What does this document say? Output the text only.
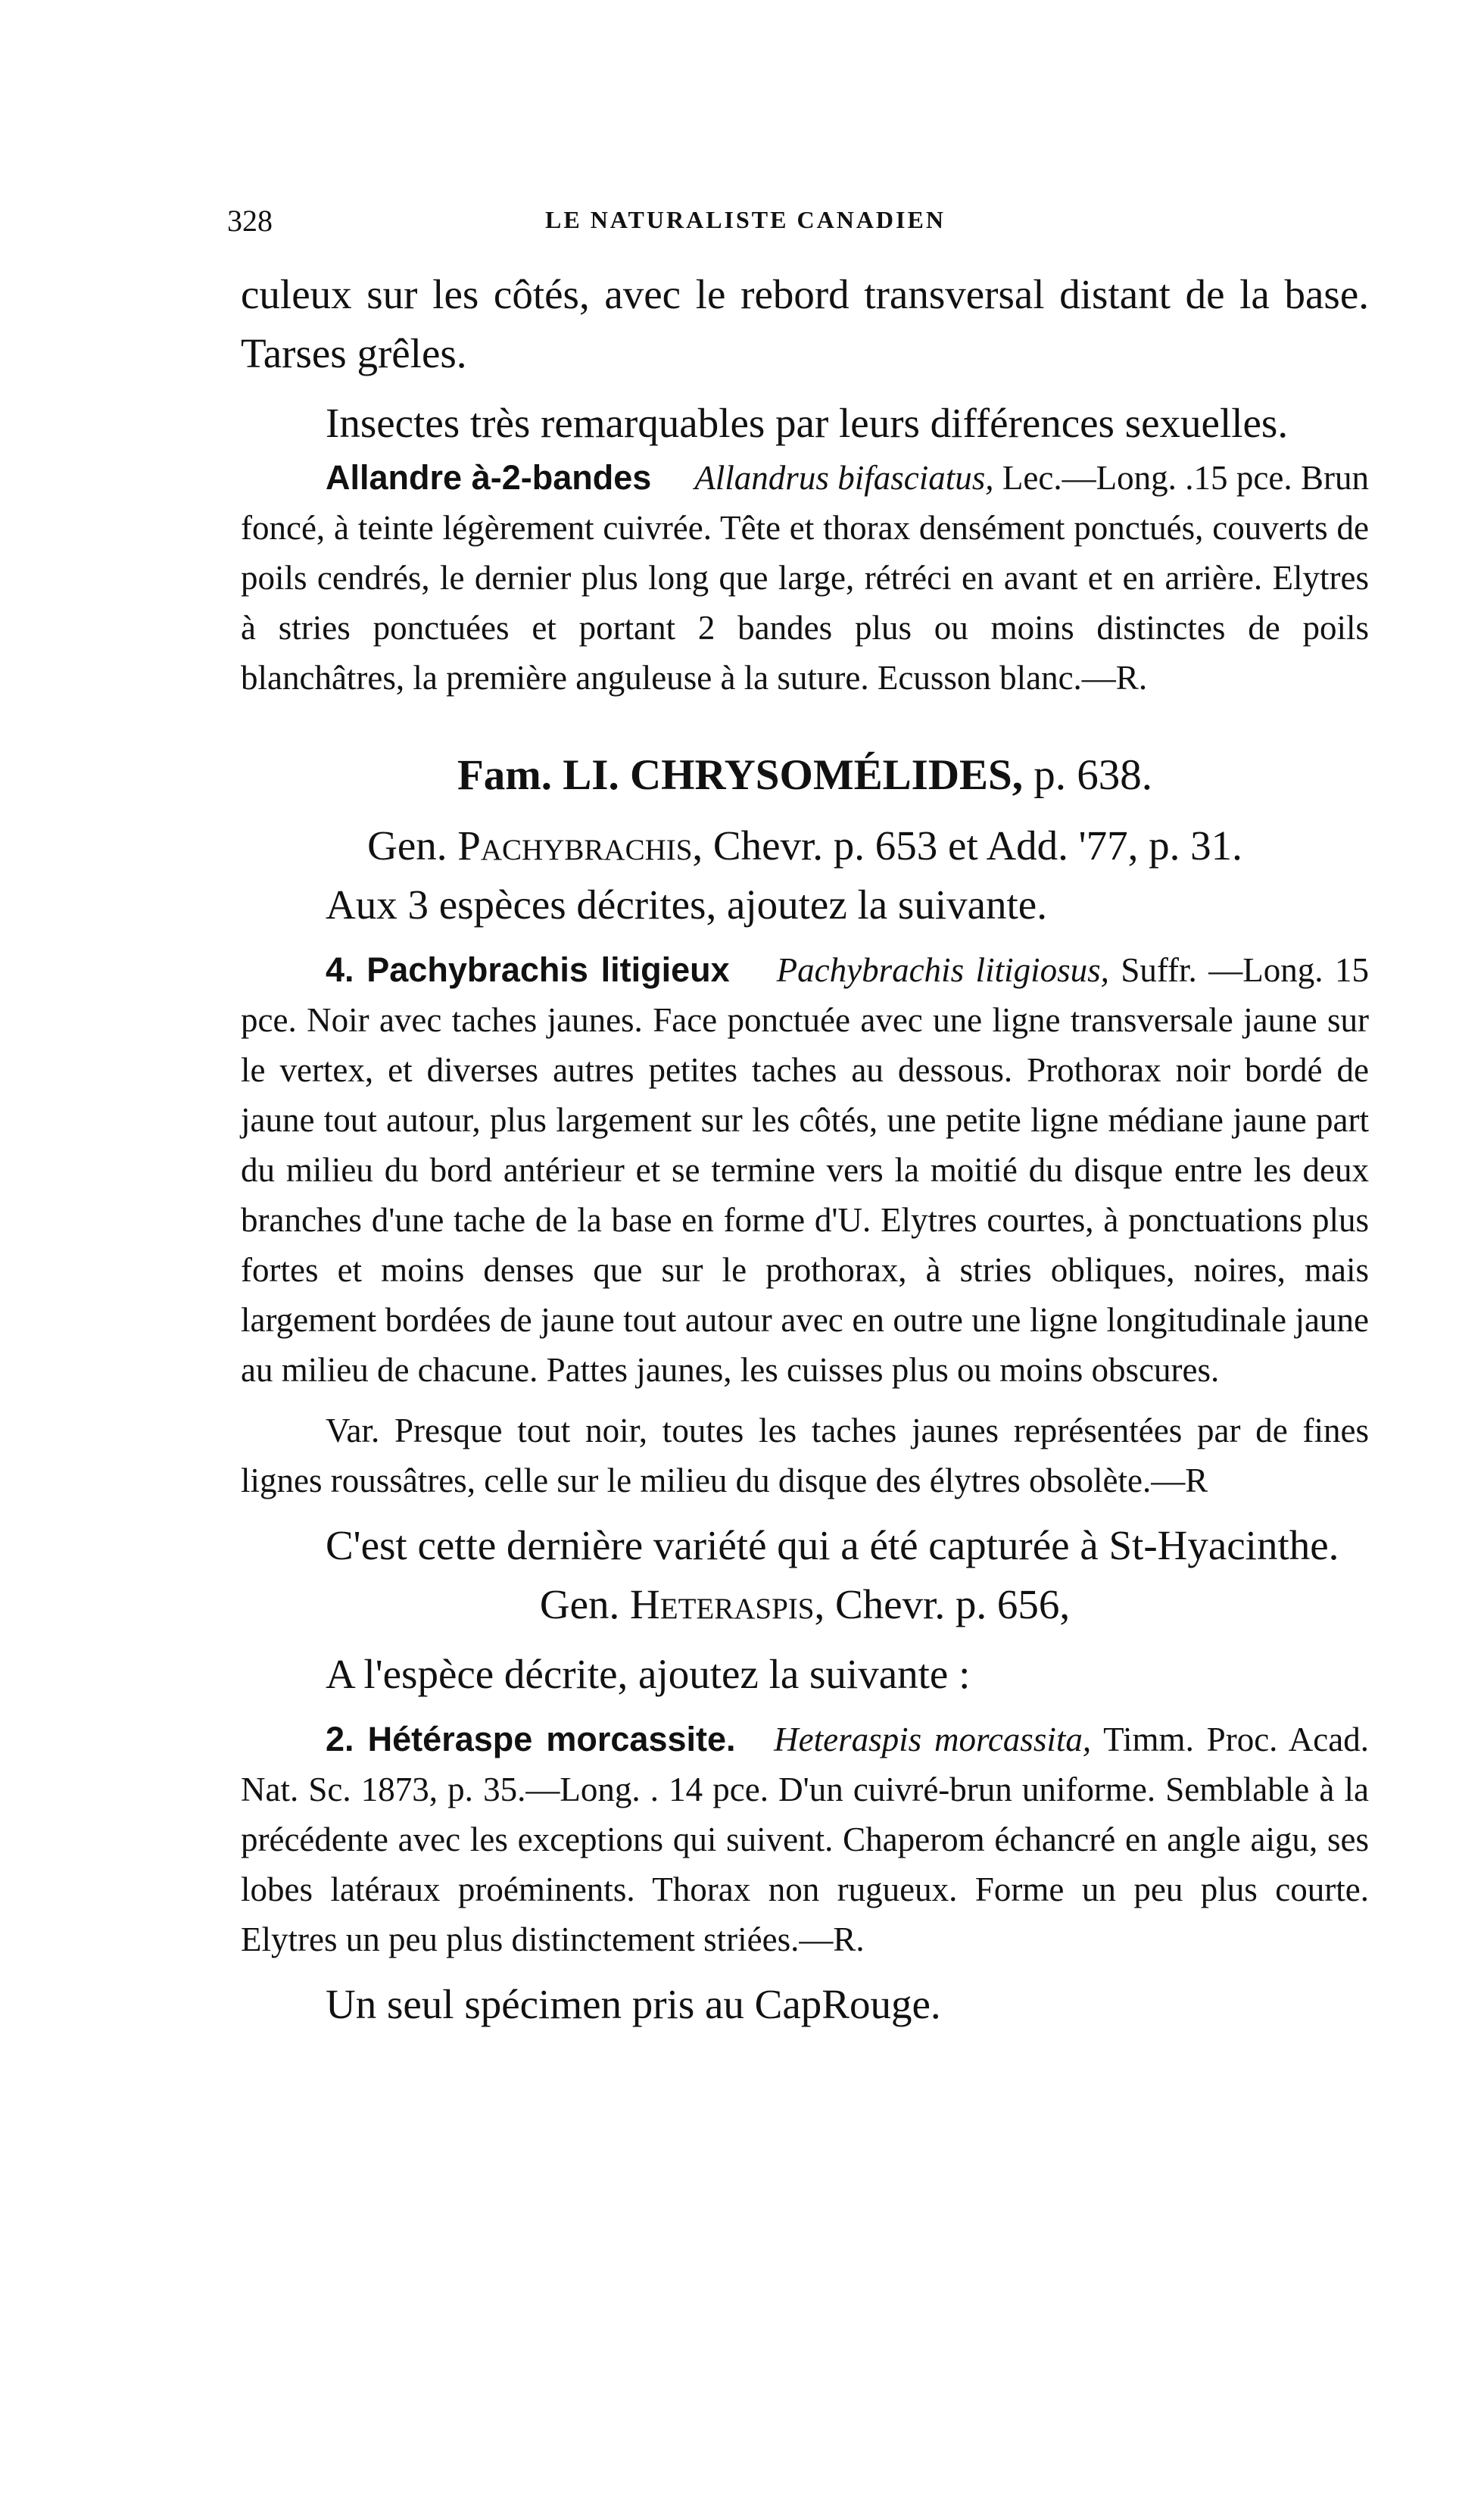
328	LE NATURALISTE CANADIEN

culeux sur les côtés, avec le rebord transversal distant de la base. Tarses grêles.

Insectes très remarquables par leurs différences sexuelles.

Allandre à-2-bandes Allandrus bifasciatus, Lec.—Long. .15 pce. Brun foncé, à teinte légèrement cuivrée. Tête et thorax densément ponctués, couverts de poils cendrés, le dernier plus long que large, rétréci en avant et en arrière. Elytres à stries ponctuées et portant 2 bandes plus ou moins distinctes de poils blanchâtres, la première anguleuse à la suture. Ecusson blanc.—R.

Fam. LI. CHRYSOMÉLIDES, p. 638.

Gen. Pachybrachis, Chevr. p. 653 et Add. '77, p. 31.

Aux 3 espèces décrites, ajoutez la suivante.

4. Pachybrachis litigieux Pachybrachis litigiosus, Suffr. —Long. 15 pce. Noir avec taches jaunes. Face ponctuée avec une ligne transversale jaune sur le vertex, et diverses autres petites taches au dessous. Prothorax noir bordé de jaune tout autour, plus largement sur les côtés, une petite ligne médiane jaune part du milieu du bord antérieur et se termine vers la moitié du disque entre les deux branches d'une tache de la base en forme d'U. Elytres courtes, à ponctuations plus fortes et moins denses que sur le prothorax, à stries obliques, noires, mais largement bordées de jaune tout autour avec en outre une ligne longitudinale jaune au milieu de chacune. Pattes jaunes, les cuisses plus ou moins obscures.

Var. Presque tout noir, toutes les taches jaunes représentées par de fines lignes roussâtres, celle sur le milieu du disque des élytres obsolète.—R

C'est cette dernière variété qui a été capturée à St-Hyacinthe.

Gen. Heteraspis, Chevr. p. 656,

A l'espèce décrite, ajoutez la suivante :

2. Hétéraspe morcassite. Heteraspis morcassita, Timm. Proc. Acad. Nat. Sc. 1873, p. 35.—Long. . 14 pce. D'un cuivré-brun uniforme. Semblable à la précédente avec les exceptions qui suivent. Chaperom échancré en angle aigu, ses lobes latéraux proéminents. Thorax non rugueux. Forme un peu plus courte. Elytres un peu plus distinctement striées.—R.

Un seul spécimen pris au CapRouge.
